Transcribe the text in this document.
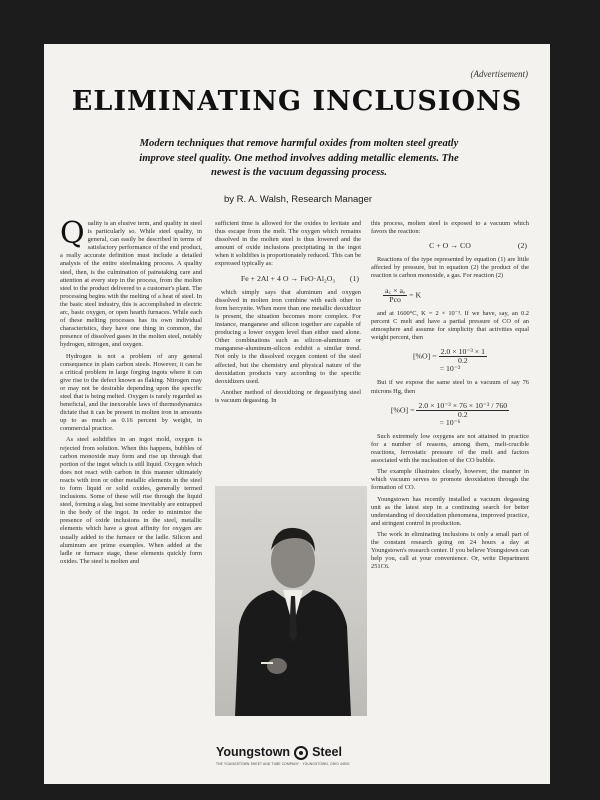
(Advertisement)
ELIMINATING INCLUSIONS
Modern techniques that remove harmful oxides from molten steel greatly improve steel quality. One method involves adding metallic elements. The newest is the vacuum degassing process.
by R. A. Walsh, Research Manager
Q uality is an elusive term, and quality in steel is particularly so. While steel quality, in general, can easily be described in terms of satisfactory performance of the end product, a really accurate definition must include a detailed analysis of the entire steelmaking process. A quality steel, then, is the culmination of painstaking care and attention at every step in the process, from the molten steel to the product delivered to a customer's plant. The processing begins with the melting of a heat of steel. In the basic steel industry, this is accomplished in electric arc, basic oxygen, or open hearth furnaces. While each of these melting processes has its own individual characteristics, they have one thing in common, the presence of dissolved gases in the molten steel, notably hydrogen, nitrogen, and oxygen.

Hydrogen is not a problem of any general consequence in plain carbon steels. However, it can be a critical problem in large forging ingots where it can give rise to the defect known as flaking. Nitrogen may or may not be desirable depending upon the specific steel that is being melted. Oxygen is rarely regarded as beneficial, and the inexorable laws of thermodynamics dictate that it can be present in molten iron in amounts up to as much as 0.16 percent by weight, in commercial practice.

As steel solidifies in an ingot mold, oxygen is rejected from solution. When this happens, bubbles of carbon monoxide may form and rise up through that portion of the ingot which is still liquid. Oxygen which does not react with carbon in this manner ultimately reacts with iron or other metallic elements in the steel to form liquid or solid oxides, generally termed inclusions. Some of these will rise through the liquid steel, forming a slag, but some inevitably are entrapped in the body of the ingot. In order to minimize the presence of oxide inclusions in the steel, metallic elements which have a great affinity for oxygen are usually added to the furnace or the ladle. Silicon and aluminum are prime examples. When added at the ladle or furnace stage, these elements quickly form oxides. The steel is molten and

sufficient time is allowed for the oxides to levitate and thus escape from the melt. The oxygen which remains dissolved in the molten steel is thus lowered and the amount of oxide inclusions precipitating in the ingot when it solidifies is proportionately reduced. This can be expressed typically as:

Fe + 2Al + 4 O → FeO·Al₂O₃ (1)

which simply says that aluminum and oxygen dissolved in molten iron combine with each other to form hercynite. When more than one metallic deoxidizer is present, the situation becomes more complex. For instance, manganese and silicon together are capable of producing a lower oxygen level than either used alone. Other combinations such as silicon-aluminum or manganese-aluminum-silicon exhibit a similar trend. Not only is the dissolved oxygen content of the steel affected, but the chemistry and physical nature of the deoxidation products vary according to the specific deoxidizers used.

Another method of deoxidizing or degassifying steel is vacuum degassing. In

this process, molten steel is exposed to a vacuum which favors the reaction:

C + O → CO	(2)

Reactions of the type represented by equation (1) are little affected by pressure, but in equation (2) the product of the reaction is carbon monoxide, a gas. For reaction (2)

$\frac{\text{a꜀ × aₒ}}{\text{Pco}} = K$

and at 1600°C, K = 2 × 10⁻³. If we have, say, an 0.2 percent C melt and have a partial pressure of CO of an atmosphere and assume for simplicity that activities equal weight percent, then

$[\%O] = \frac{\text{2.0 × 10⁻³ × 1}}{0.2}$
= 10⁻²

But if we expose the same steel to a vacuum of say 76 microns Hg, then

$[\%O] = \frac{\text{2.0 × 10⁻³ × 76 × 10⁻³ / 760}}{0.2}$
= 10⁻⁶

Such extremely low oxygens are not attained in practice for a number of reasons, among them, melt-crucible reactions, ferrostatic pressure of the melt and factors associated with the nucleation of the CO bubble.

The example illustrates clearly, however, the manner in which vacuum serves to promote deoxidation through the formation of CO.

Youngstown has recently installed a vacuum degassing unit as the latest step in a continuing search for better understanding of deoxidation phenomena, improved practice, and stringent control in production.

The work in eliminating inclusions is only a small part of the constant research going on 24 hours a day at Youngstown's research center. If you believe Youngstown can help you, call at your convenience. Or, write Department 251C6.

Youngstown Steel
THE YOUNGSTOWN SHEET AND TUBE COMPANY · YOUNGSTOWN, OHIO 44501
